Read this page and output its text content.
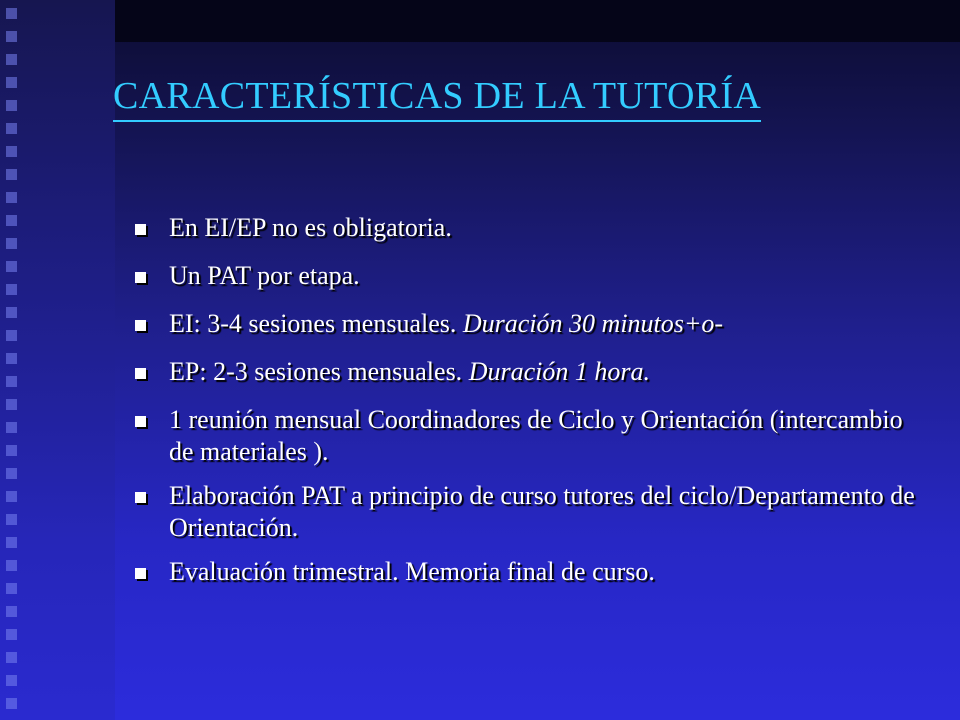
CARACTERÍSTICAS DE LA TUTORÍA
En EI/EP no es obligatoria.
Un PAT por etapa.
EI: 3-4 sesiones mensuales. Duración 30 minutos+o-
EP: 2-3 sesiones mensuales. Duración 1 hora.
1 reunión mensual Coordinadores de Ciclo y Orientación (intercambio de materiales ).
Elaboración PAT a principio de curso tutores del ciclo/Departamento de Orientación.
Evaluación trimestral. Memoria final de curso.
